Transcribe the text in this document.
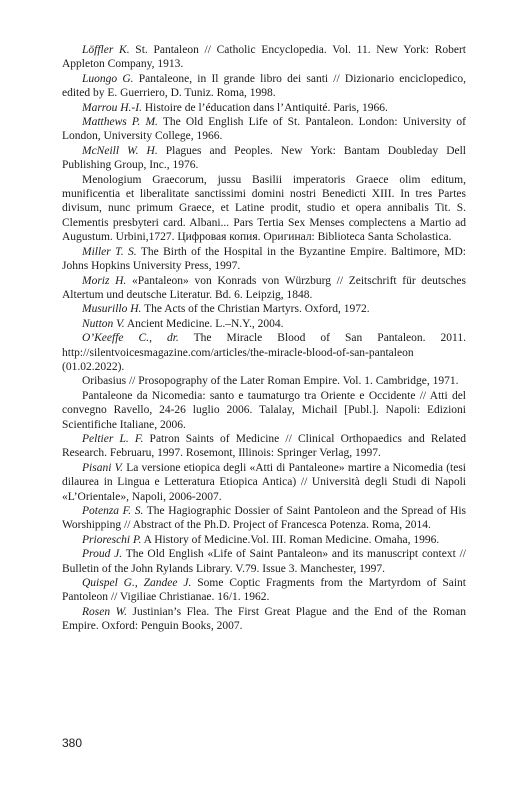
Löffler K. St. Pantaleon // Catholic Encyclopedia. Vol. 11. New York: Robert Appleton Company, 1913.

Luongo G. Pantaleone, in Il grande libro dei santi // Dizionario enciclopedico, edited by E. Guerriero, D. Tuniz. Roma, 1998.

Marrou H.-I. Histoire de l’éducation dans l’Antiquité. Paris, 1966.

Matthews P. M. The Old English Life of St. Pantaleon. London: University of London, University College, 1966.

McNeill W. H. Plagues and Peoples. New York: Bantam Doubleday Dell Publishing Group, Inc., 1976.

Menologium Graecorum, jussu Basilii imperatoris Graece olim editum, munificentia et liberalitate sanctissimi domini nostri Benedicti XIII. In tres Partes divisum, nunc primum Graece, et Latine prodit, studio et opera annibalis Tit. S. Clementis presbyteri card. Albani... Pars Tertia Sex Menses complectens a Martio ad Augustum. Urbini,1727. Цифровая копия. Оригинал: Biblioteca Santa Scholastica.

Miller T. S. The Birth of the Hospital in the Byzantine Empire. Baltimore, MD: Johns Hopkins University Press, 1997.

Moriz H. «Pantaleon» von Konrads von Würzburg // Zeitschrift für deutsches Altertum und deutsche Literatur. Bd. 6. Leipzig, 1848.

Musurillo H. The Acts of the Christian Martyrs. Oxford, 1972.

Nutton V. Ancient Medicine. L.–N.Y., 2004.

O’Keeffe C., dr. The Miracle Blood of San Pantaleon. 2011. http://silentvoicesmagazine.com/articles/the-miracle-blood-of-san-pantaleon (01.02.2022).

Oribasius // Prosopography of the Later Roman Empire. Vol. 1. Cambridge, 1971.

Pantaleone da Nicomedia: santo e taumaturgo tra Oriente e Occidente // Atti del convegno Ravello, 24-26 luglio 2006. Talalay, Michail [Publ.]. Napoli: Edizioni Scientifiche Italiane, 2006.

Peltier L. F. Patron Saints of Medicine // Clinical Orthopaedics and Related Research. Februaru, 1997. Rosemont, Illinois: Springer Verlag, 1997.

Pisani V. La versione etiopica degli «Atti di Pantaleone» martire a Nicomedia (tesi dilaurea in Lingua e Letteratura Etiopica Antica) // Università degli Studi di Napoli «L’Orientale», Napoli, 2006-2007.

Potenza F. S. The Hagiographic Dossier of Saint Pantoleon and the Spread of His Worshipping // Abstract of the Ph.D. Project of Francesca Potenza. Roma, 2014.

Prioreschi P. A History of Medicine.Vol. III. Roman Medicine. Omaha, 1996.

Proud J. The Old English «Life of Saint Pantaleon» and its manuscript context // Bulletin of the John Rylands Library. V.79. Issue 3. Manchester, 1997.

Quispel G., Zandee J. Some Coptic Fragments from the Martyrdom of Saint Pantoleon // Vigiliae Christianae. 16/1. 1962.

Rosen W. Justinian’s Flea. The First Great Plague and the End of the Roman Empire. Oxford: Penguin Books, 2007.

380
